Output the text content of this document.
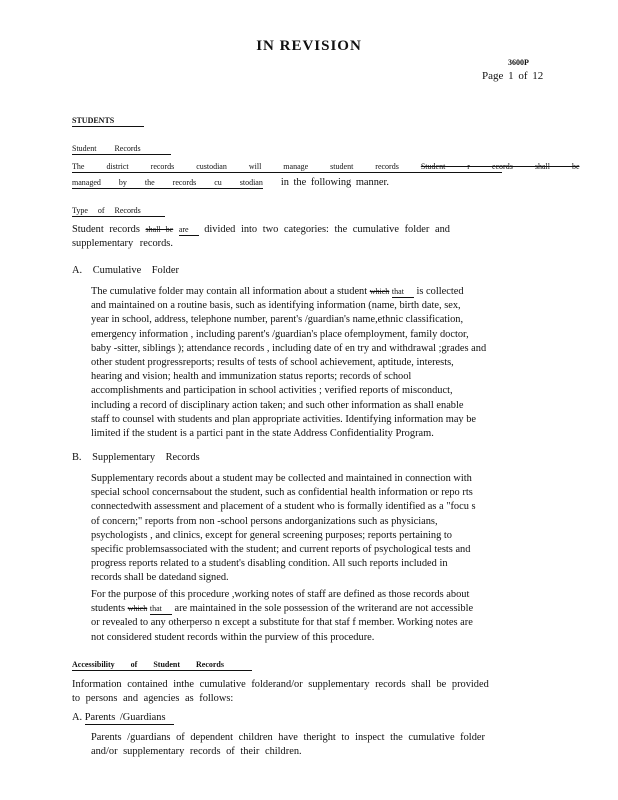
IN REVISION
3600P
Page 1 of 12
STUDENTS
Student Records
The district records custodian will manage student records	Student r ecords shall be
managed by the records cu stodian in the following manner.
Type of Records
Student records shall be are divided into two categories: the cumulative folder and
supplementary records.
A. Cumulative Folder
The cumulative folder may contain all information about a student which that is collected
and maintained on a routine basis, such as identifying information (name, birth date, sex,
year in school, address, telephone number, parent's /guardian's name,ethnic classification,
emergency information , including parent's /guardian's place ofemployment, family doctor,
baby -sitter, siblings ); attendance records , including date of en try and withdrawal ;grades and
other student progressreports; results of tests of school achievement, aptitude, interests,
hearing and vision; health and immunization status reports; records of school
accomplishments and participation in school activities ; verified reports of misconduct,
including a record of disciplinary action taken; and such other information as shall enable
staff to counsel with students and plan appropriate activities. Identifying information may be
limited if the student is a partici pant in the state Address Confidentiality Program.
B. Supplementary Records
Supplementary records about a student may be collected and maintained in connection with
special school concernsabout the student, such as confidential health information or repo rts
connectedwith assessment and placement of a student who is formally identified as a "focu s
of concern;" reports from non -school persons andorganizations such as physicians,
psychologists , and clinics, except for general screening purposes; reports pertaining to
specific problemsassociated with the student; and current reports of psychological tests and
progress reports related to a student's disabling condition. All such reports included in
records shall be datedand signed.
For the purpose of this procedure ,working notes of staff are defined as those records about
students which that are maintained in the sole possession of the writerand are not accessible
or revealed to any otherperso n except a substitute for that staf f member. Working notes are
not considered student records within the purview of this procedure.
Accessibility of Student Records
Information contained inthe cumulative folderand/or supplementary records shall be provided
to persons and agencies as follows:
A. Parents /Guardians
Parents /guardians of dependent children have theright to inspect the cumulative folder
and/or supplementary records of their children.
